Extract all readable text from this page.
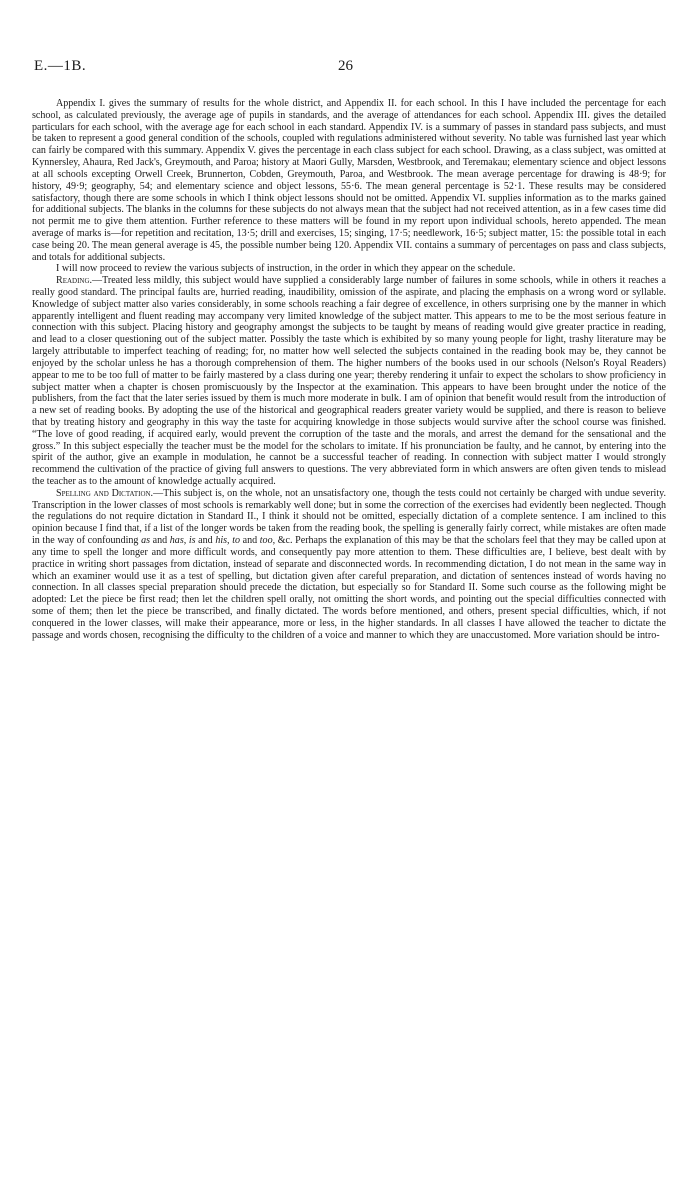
E.—1B.	26

Appendix I. gives the summary of results for the whole district, and Appendix II. for each school. In this I have included the percentage for each school, as calculated previously, the average age of pupils in standards, and the average of attendances for each school. Appendix III. gives the detailed particulars for each school, with the average age for each school in each standard. Appendix IV. is a summary of passes in standard pass subjects, and must be taken to represent a good general condition of the schools, coupled with regulations administered without severity. No table was furnished last year which can fairly be compared with this summary. Appendix V. gives the percentage in each class subject for each school. Drawing, as a class subject, was omitted at Kynnersley, Ahaura, Red Jack's, Greymouth, and Paroa; history at Maori Gully, Marsden, Westbrook, and Teremakau; elementary science and object lessons at all schools excepting Orwell Creek, Brunnerton, Cobden, Greymouth, Paroa, and Westbrook. The mean average percentage for drawing is 48·9; for history, 49·9; geography, 54; and elementary science and object lessons, 55·6. The mean general percentage is 52·1. These results may be considered satisfactory, though there are some schools in which I think object lessons should not be omitted. Appendix VI. supplies information as to the marks gained for additional subjects. The blanks in the columns for these subjects do not always mean that the subject had not received attention, as in a few cases time did not permit me to give them attention. Further reference to these matters will be found in my report upon individual schools, hereto appended. The mean average of marks is—for repetition and recitation, 13·5; drill and exercises, 15; singing, 17·5; needlework, 16·5; subject matter, 15: the possible total in each case being 20. The mean general average is 45, the possible number being 120. Appendix VII. contains a summary of percentages on pass and class subjects, and totals for additional subjects.

I will now proceed to review the various subjects of instruction, in the order in which they appear on the schedule.

Reading.—Treated less mildly, this subject would have supplied a considerably large number of failures in some schools, while in others it reaches a really good standard. The principal faults are, hurried reading, inaudibility, omission of the aspirate, and placing the emphasis on a wrong word or syllable. Knowledge of subject matter also varies considerably, in some schools reaching a fair degree of excellence, in others surprising one by the manner in which apparently intelligent and fluent reading may accompany very limited knowledge of the subject matter. This appears to me to be the most serious feature in connection with this subject. Placing history and geography amongst the subjects to be taught by means of reading would give greater practice in reading, and lead to a closer questioning out of the subject matter. Possibly the taste which is exhibited by so many young people for light, trashy literature may be largely attributable to imperfect teaching of reading; for, no matter how well selected the subjects contained in the reading book may be, they cannot be enjoyed by the scholar unless he has a thorough comprehension of them. The higher numbers of the books used in our schools (Nelson's Royal Readers) appear to me to be too full of matter to be fairly mastered by a class during one year; thereby rendering it unfair to expect the scholars to show proficiency in subject matter when a chapter is chosen promiscuously by the Inspector at the examination. This appears to have been brought under the notice of the publishers, from the fact that the later series issued by them is much more moderate in bulk. I am of opinion that benefit would result from the introduction of a new set of reading books. By adopting the use of the historical and geographical readers greater variety would be supplied, and there is reason to believe that by treating history and geography in this way the taste for acquiring knowledge in those subjects would survive after the school course was finished. “The love of good reading, if acquired early, would prevent the corruption of the taste and the morals, and arrest the demand for the sensational and the gross.” In this subject especially the teacher must be the model for the scholars to imitate. If his pronunciation be faulty, and he cannot, by entering into the spirit of the author, give an example in modulation, he cannot be a successful teacher of reading. In connection with subject matter I would strongly recommend the cultivation of the practice of giving full answers to questions. The very abbreviated form in which answers are often given tends to mislead the teacher as to the amount of knowledge actually acquired.

Spelling and Dictation.—This subject is, on the whole, not an unsatisfactory one, though the tests could not certainly be charged with undue severity. Transcription in the lower classes of most schools is remarkably well done; but in some the correction of the exercises had evidently been neglected. Though the regulations do not require dictation in Standard II., I think it should not be omitted, especially dictation of a complete sentence. I am inclined to this opinion because I find that, if a list of the longer words be taken from the reading book, the spelling is generally fairly correct, while mistakes are often made in the way of confounding as and has, is and his, to and too, &c. Perhaps the explanation of this may be that the scholars feel that they may be called upon at any time to spell the longer and more difficult words, and consequently pay more attention to them. These difficulties are, I believe, best dealt with by practice in writing short passages from dictation, instead of separate and disconnected words. In recommending dictation, I do not mean in the same way in which an examiner would use it as a test of spelling, but dictation given after careful preparation, and dictation of sentences instead of words having no connection. In all classes special preparation should precede the dictation, but especially so for Standard II. Some such course as the following might be adopted: Let the piece be first read; then let the children spell orally, not omitting the short words, and pointing out the special difficulties connected with some of them; then let the piece be transcribed, and finally dictated. The words before mentioned, and others, present special difficulties, which, if not conquered in the lower classes, will make their appearance, more or less, in the higher standards. In all classes I have allowed the teacher to dictate the passage and words chosen, recognising the difficulty to the children of a voice and manner to which they are unaccustomed. More variation should be intro-
